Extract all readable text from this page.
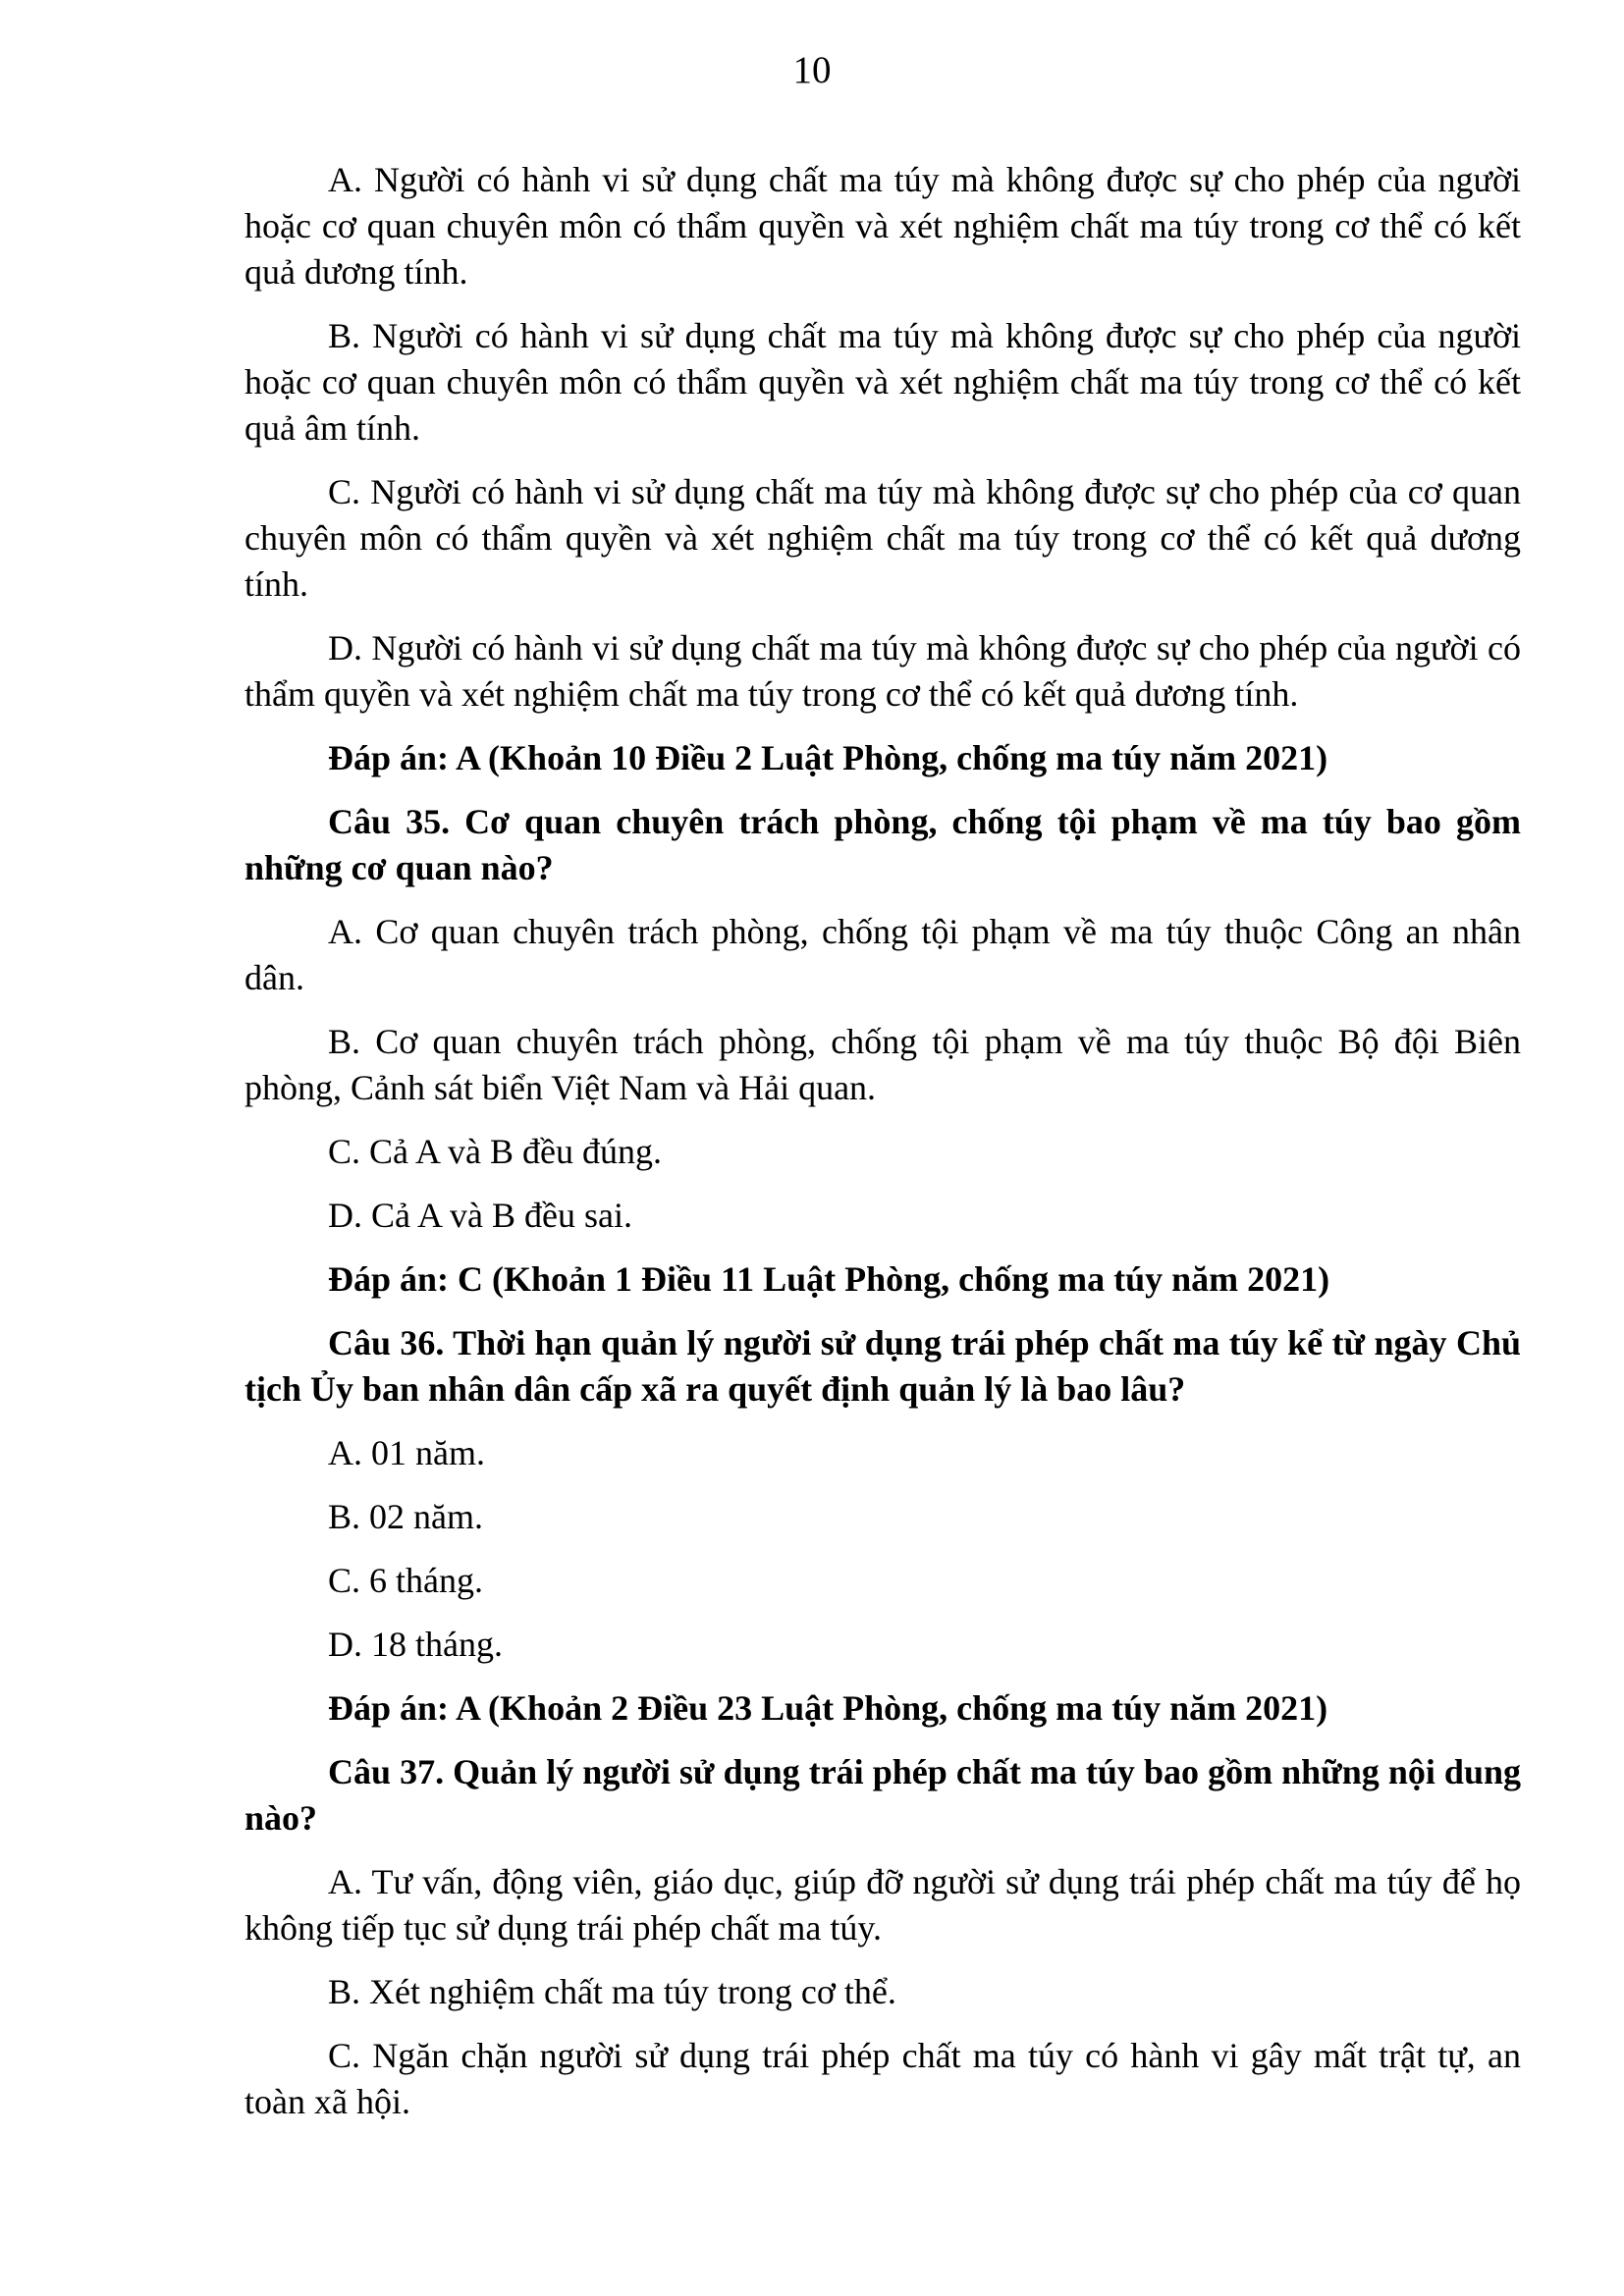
10

A. Người có hành vi sử dụng chất ma túy mà không được sự cho phép của người hoặc cơ quan chuyên môn có thẩm quyền và xét nghiệm chất ma túy trong cơ thể có kết quả dương tính.

B. Người có hành vi sử dụng chất ma túy mà không được sự cho phép của người hoặc cơ quan chuyên môn có thẩm quyền và xét nghiệm chất ma túy trong cơ thể có kết quả âm tính.

C. Người có hành vi sử dụng chất ma túy mà không được sự cho phép của cơ quan chuyên môn có thẩm quyền và xét nghiệm chất ma túy trong cơ thể có kết quả dương tính.

D. Người có hành vi sử dụng chất ma túy mà không được sự cho phép của người có thẩm quyền và xét nghiệm chất ma túy trong cơ thể có kết quả dương tính.

Đáp án: A (Khoản 10 Điều 2 Luật Phòng, chống ma túy năm 2021)

Câu 35. Cơ quan chuyên trách phòng, chống tội phạm về ma túy bao gồm những cơ quan nào?

A. Cơ quan chuyên trách phòng, chống tội phạm về ma túy thuộc Công an nhân dân.

B. Cơ quan chuyên trách phòng, chống tội phạm về ma túy thuộc Bộ đội Biên phòng, Cảnh sát biển Việt Nam và Hải quan.

C. Cả A và B đều đúng.

D. Cả A và B đều sai.

Đáp án: C (Khoản 1 Điều 11 Luật Phòng, chống ma túy năm 2021)

Câu 36. Thời hạn quản lý người sử dụng trái phép chất ma túy kể từ ngày Chủ tịch Ủy ban nhân dân cấp xã ra quyết định quản lý là bao lâu?

A. 01 năm.

B. 02 năm.

C. 6 tháng.

D. 18 tháng.

Đáp án: A (Khoản 2 Điều 23 Luật Phòng, chống ma túy năm 2021)

Câu 37. Quản lý người sử dụng trái phép chất ma túy bao gồm những nội dung nào?

A. Tư vấn, động viên, giáo dục, giúp đỡ người sử dụng trái phép chất ma túy để họ không tiếp tục sử dụng trái phép chất ma túy.

B. Xét nghiệm chất ma túy trong cơ thể.

C. Ngăn chặn người sử dụng trái phép chất ma túy có hành vi gây mất trật tự, an toàn xã hội.
